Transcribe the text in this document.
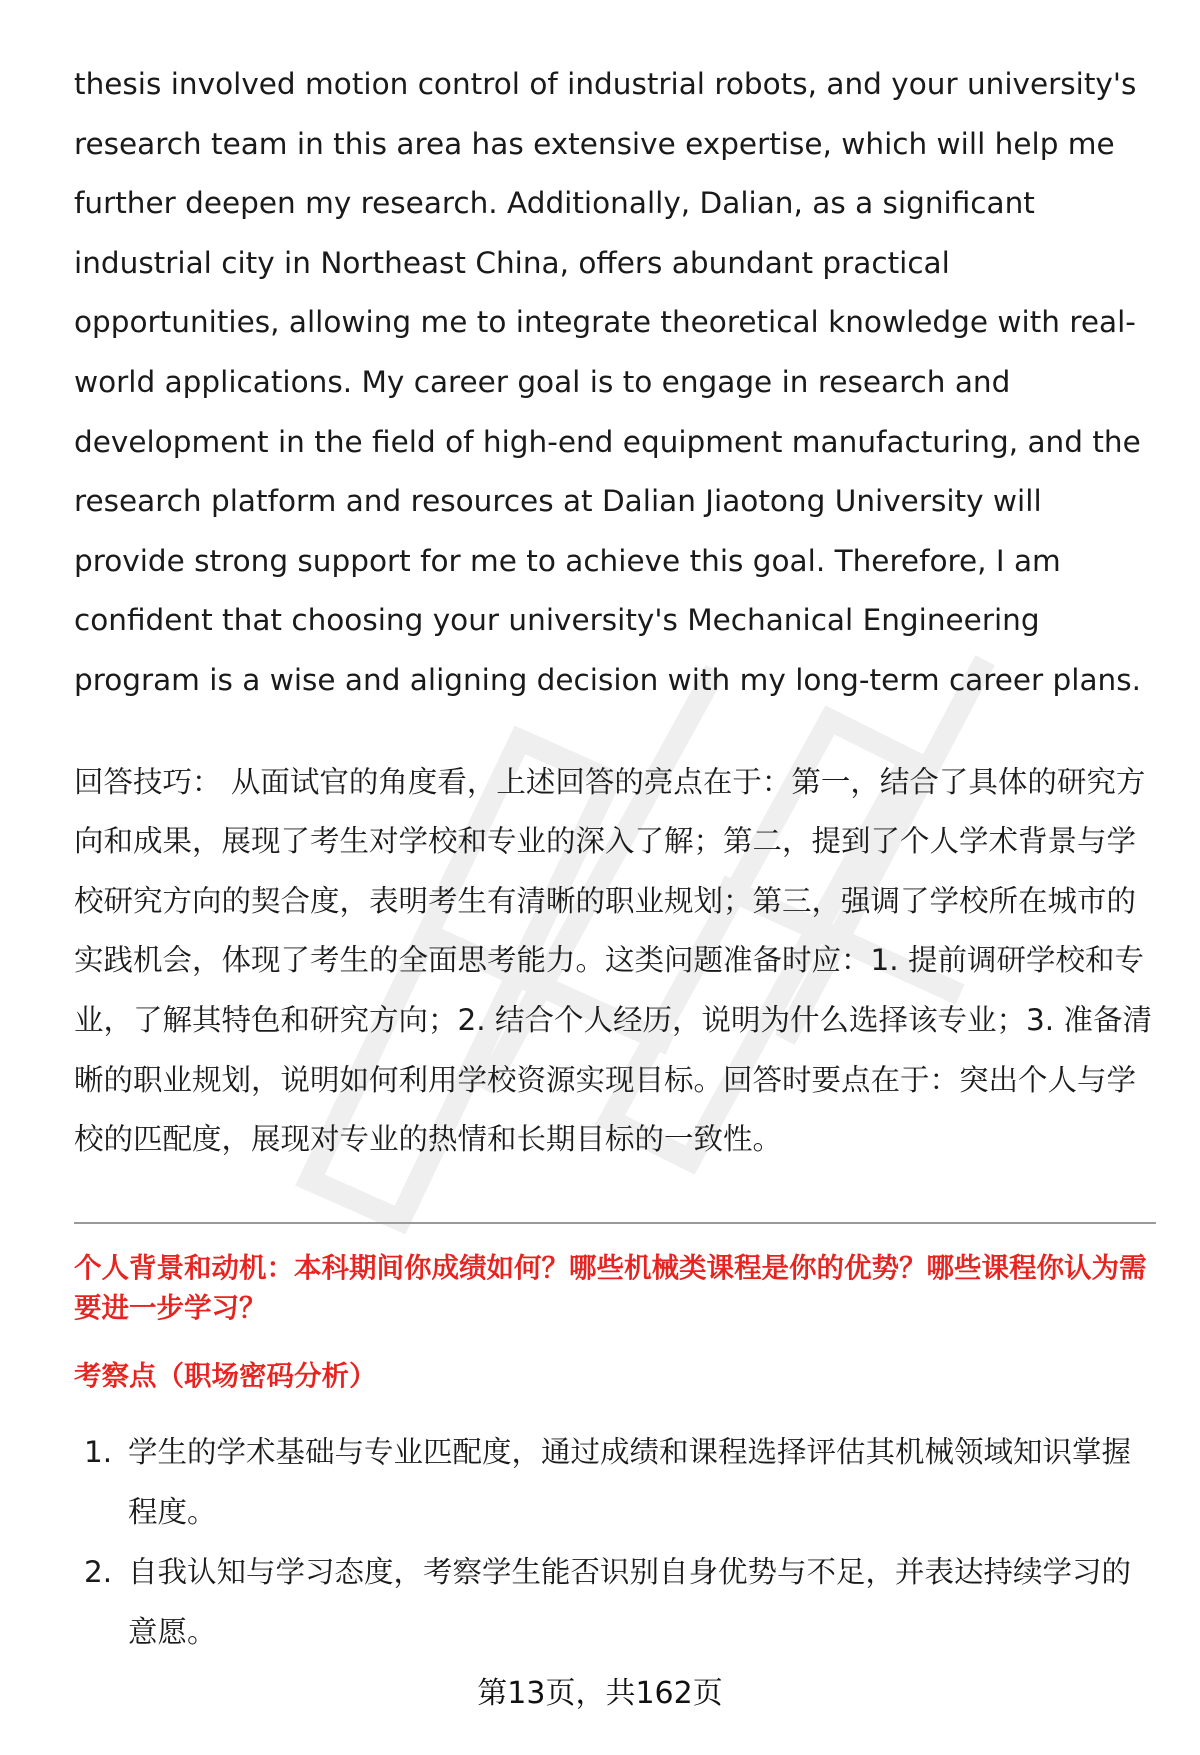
thesis involved motion control of industrial robots, and your university's research team in this area has extensive expertise, which will help me further deepen my research. Additionally, Dalian, as a significant industrial city in Northeast China, offers abundant practical opportunities, allowing me to integrate theoretical knowledge with real-world applications. My career goal is to engage in research and development in the field of high-end equipment manufacturing, and the research platform and resources at Dalian Jiaotong University will provide strong support for me to achieve this goal. Therefore, I am confident that choosing your university's Mechanical Engineering program is a wise and aligning decision with my long-term career plans.

回答技巧： 从面试官的角度看，上述回答的亮点在于：第一，结合了具体的研究方向和成果，展现了考生对学校和专业的深入了解；第二，提到了个人学术背景与学校研究方向的契合度，表明考生有清晰的职业规划；第三，强调了学校所在城市的实践机会，体现了考生的全面思考能力。这类问题准备时应：1. 提前调研学校和专业，了解其特色和研究方向；2. 结合个人经历，说明为什么选择该专业；3. 准备清晰的职业规划，说明如何利用学校资源实现目标。回答时要点在于：突出个人与学校的匹配度，展现对专业的热情和长期目标的一致性。

个人背景和动机：本科期间你成绩如何？哪些机械类课程是你的优势？哪些课程你认为需要进一步学习？

考察点（职场密码分析）

1. 学生的学术基础与专业匹配度，通过成绩和课程选择评估其机械领域知识掌握程度。
2. 自我认知与学习态度，考察学生能否识别自身优势与不足，并表达持续学习的意愿。
第13页，共162页
